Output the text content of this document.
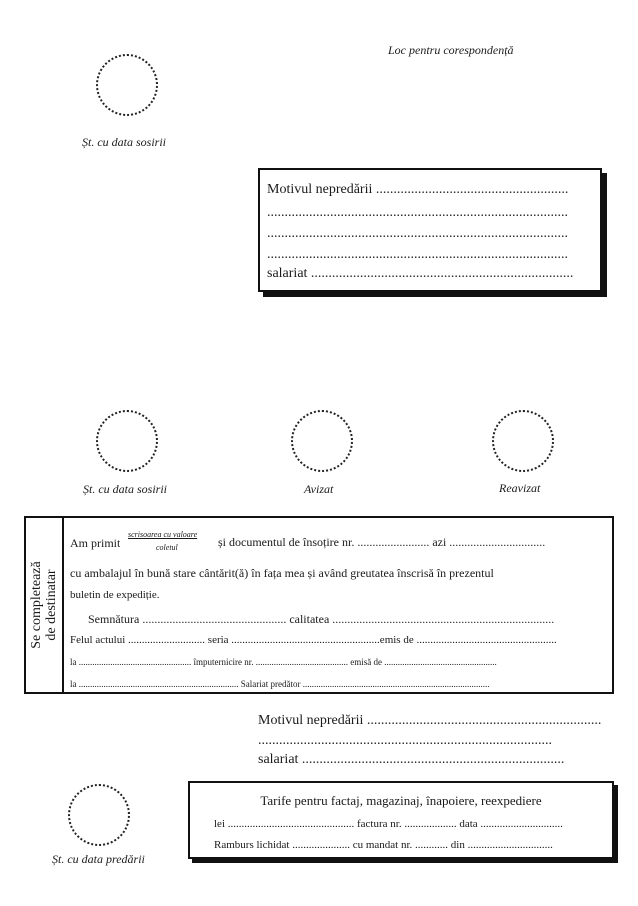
Loc pentru corespondență
Șt. cu data sosirii
Motivul nepredării .......................................................
......................................................................................
......................................................................................
......................................................................................
salariat ...........................................................................
Șt. cu data sosirii	Avizat	Reavizat
Se completează de destinatar
Am primit
scrisoarea cu valoare
coletul	și documentul de însoțire nr. ........................ azi ................................
cu ambalajul în bună stare cântărit(ă) în fața mea și având greutatea înscrisă în prezentul
buletin de expediție.
Semnătura ................................................ calitatea ..........................................................................
Felul actului ............................ seria ......................................................emis de ...................................................
la .................................................. împuternicire nr. ......................................... emisă de ..................................................
la ....................................................................... Salariat predător ...................................................................................
Motivul nepredării ...................................................................
....................................................................................
salariat ...........................................................................
Șt. cu data predării
Tarife pentru factaj, magazinaj, înapoiere, reexpediere
lei .............................................. factura nr. ................... data ..............................
Ramburs lichidat ..................... cu mandat nr. ............ din ...............................
